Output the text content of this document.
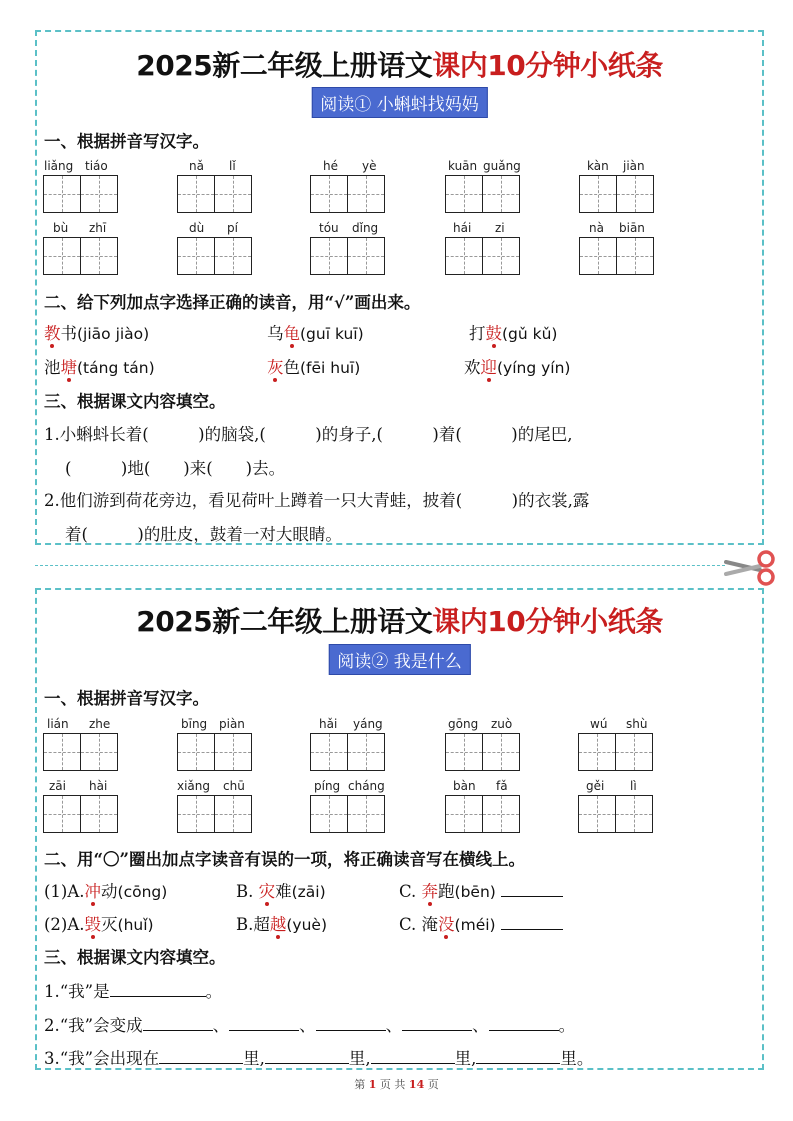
2025新二年级上册语文课内10分钟小纸条
阅读① 小蝌蚪找妈妈
一、根据拼音写汉字。
liǎng tiáo	nǎ lǐ	hé yè	kuān guǎng	kàn jiàn
bù zhī	dù pí	tóu dǐng	hái zi	nà biān
二、给下列加点字选择正确的读音，用“√”画出来。
教书(jiāo jiào)	乌龟(guī kuī)	打鼓(gǔ kǔ)
池塘(táng tán)	灰色(fēi huī)	欢迎(yíng yín)
三、根据课文内容填空。
1.小蝌蚪长着(　　　)的脑袋,(　　　)的身子,(　　　)着(　　　)的尾巴,
(　　　)地(　　)来(　　)去。
2.他们游到荷花旁边，看见荷叶上蹲着一只大青蛙，披着(　　　)的衣裳,露
着(　　　)的肚皮，鼓着一对大眼睛。
2025新二年级上册语文课内10分钟小纸条
阅读② 我是什么
一、根据拼音写汉字。
lián zhe	bīng piàn	hǎi yáng	gōng zuò	wú shù
zāi hài	xiǎng chū	píng cháng	bàn fǎ	gěi lì
二、用“〇”圈出加点字读音有误的一项，将正确读音写在横线上。
(1)A.冲动(cōng)	B. 灾难(zāi)	C. 奔跑(bēn)
(2)A.毁灭(huǐ)	B.超越(yuè)	C. 淹没(méi)
三、根据课文内容填空。
1.“我”是	。
2.“我”会变成	、	、	、	、	。
3.“我”会出现在	里,	里,	里,	里。
第 1 页 共 14 页
